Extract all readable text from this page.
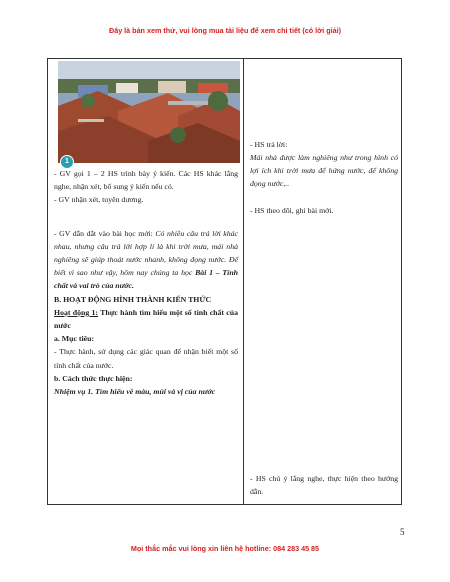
Đây là bản xem thử, vui lòng mua tài liệu để xem chi tiết (có lời giải)
1

- GV gọi 1 – 2 HS trình bày ý kiến. Các HS khác lắng nghe, nhận xét, bổ sung ý kiến nếu có.

- GV nhận xét, tuyên dương.

- GV dẫn dắt vào bài học mới: Có nhiều câu trả lời khác nhau, nhưng câu trả lời hợp lí là khi trời mưa, mái nhà nghiêng sẽ giúp thoát nước nhanh, không đọng nước. Để biết vì sao như vậy, hôm nay chúng ta học Bài 1 – Tính chất và vai trò của nước.

B. HOẠT ĐỘNG HÌNH THÀNH KIẾN THỨC

Hoạt động 1: Thực hành tìm hiểu một số tính chất của nước

a. Mục tiêu:

- Thực hành, sử dụng các giác quan để nhận biết một số tính chất của nước.

b. Cách thức thực hiện:

Nhiệm vụ 1. Tìm hiểu về màu, mùi và vị của nước

- HS trả lời:

Mái nhà được làm nghiêng như trong hình có lợi ích khi trời mưa để hứng nước, để không đọng nước,..

- HS theo dõi, ghi bài mới.

- HS chú ý lắng nghe, thực hiện theo hướng dẫn.

5
Mọi thắc mắc vui lòng xin liên hệ hotline: 084 283 45 85
